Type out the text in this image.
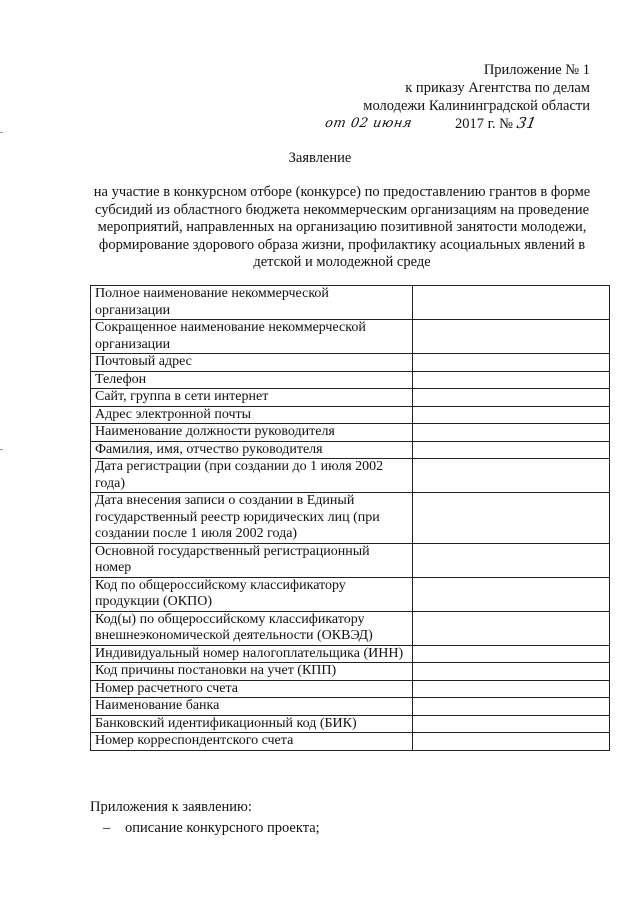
Приложение № 1
к приказу Агентства по делам
молодежи Калининградской области
от 02 июня	2017 г. № 31
Заявление
на участие в конкурсном отборе (конкурсе) по предоставлению грантов в форме субсидий из областного бюджета некоммерческим организациям на проведение мероприятий, направленных на организацию позитивной занятости молодежи, формирование здорового образа жизни, профилактику асоциальных явлений в детской и молодежной среде
Полное наименование некоммерческой организации	
Сокращенное наименование некоммерческой организации	
Почтовый адрес	
Телефон	
Сайт, группа в сети интернет	
Адрес электронной почты	
Наименование должности руководителя	
Фамилия, имя, отчество руководителя	
Дата регистрации (при создании до 1 июля 2002 года)	
Дата внесения записи о создании в Единый государственный реестр юридических лиц (при создании после 1 июля 2002 года)	
Основной государственный регистрационный номер	
Код по общероссийскому классификатору продукции (ОКПО)	
Код(ы) по общероссийскому классификатору внешнеэкономической деятельности (ОКВЭД)	
Индивидуальный номер налогоплательщика (ИНН)	
Код причины постановки на учет (КПП)	
Номер расчетного счета	
Наименование банка	
Банковский идентификационный код (БИК)	
Номер корреспондентского счета	
Приложения к заявлению:
– описание конкурсного проекта;
